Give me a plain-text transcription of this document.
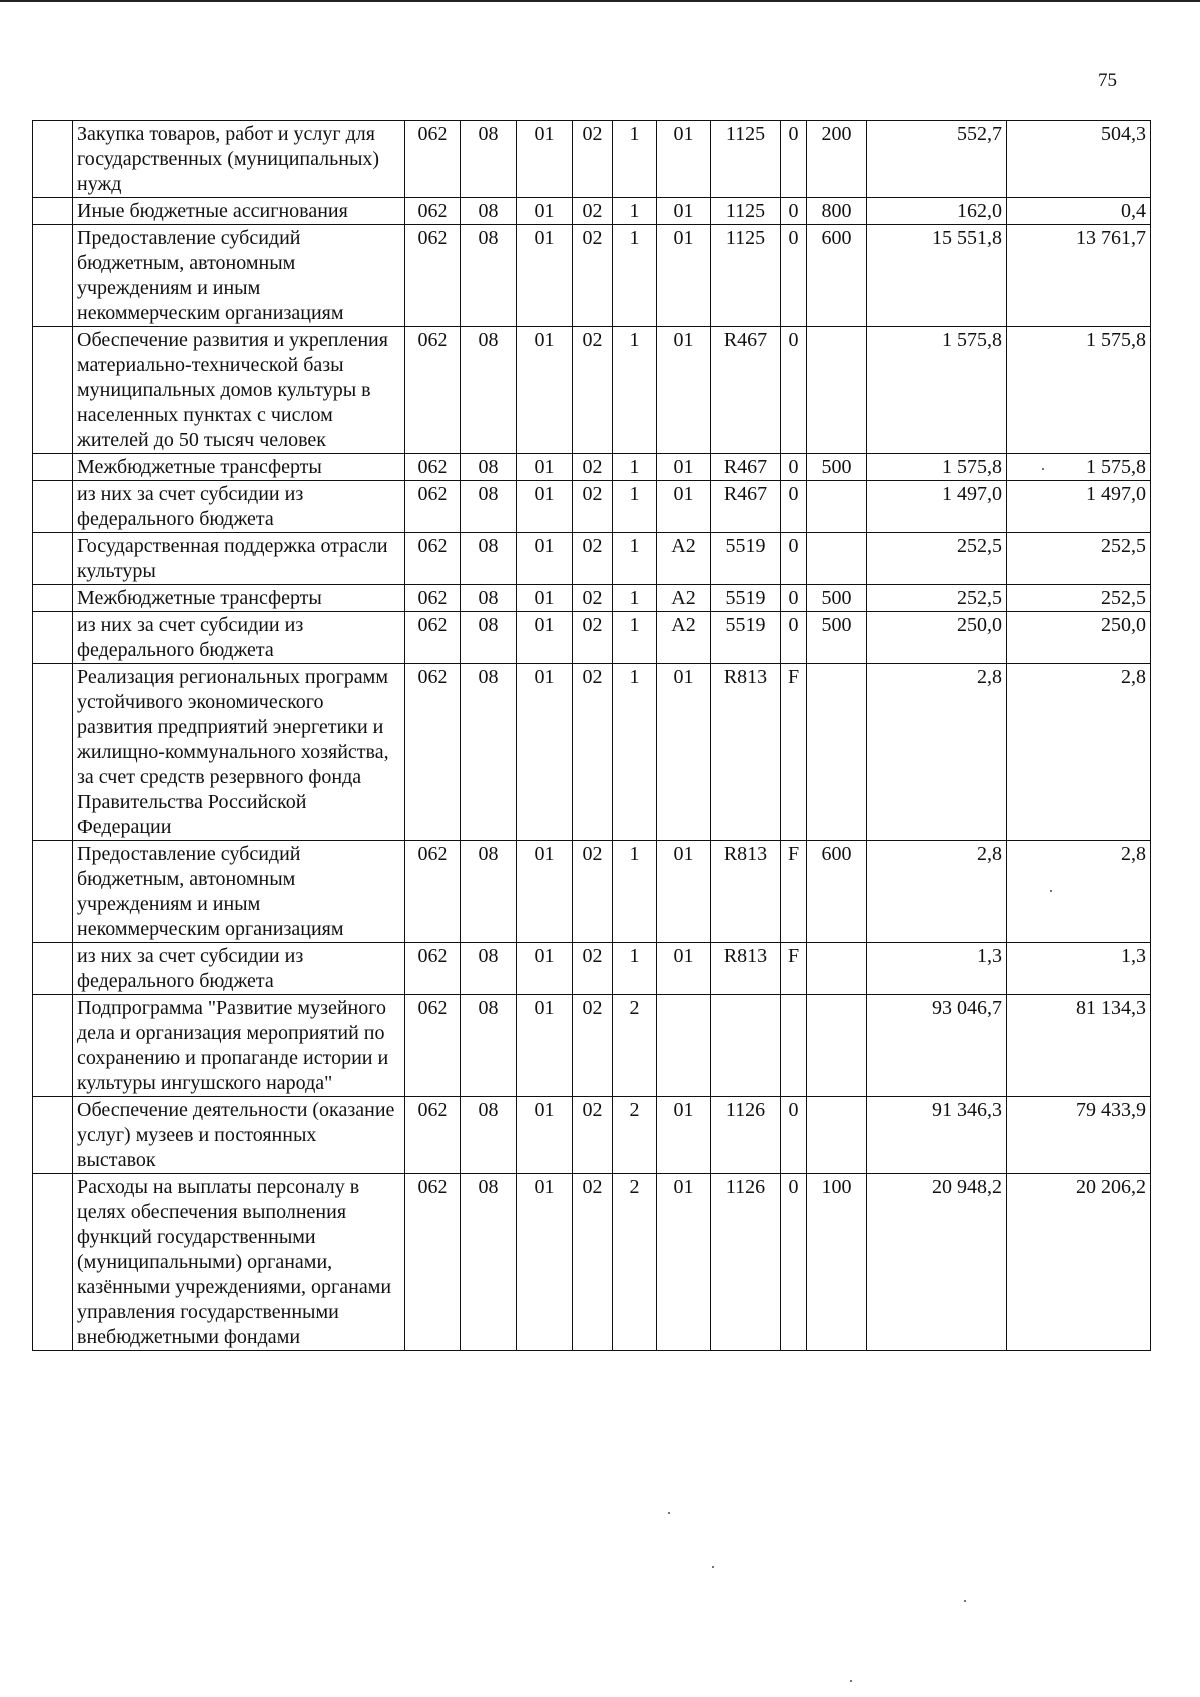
75
	Закупка товаров, работ и услуг для государственных (муниципальных) нужд	062	08	01	02	1	01	1125	0	200	552,7	504,3
	Иные бюджетные ассигнования	062	08	01	02	1	01	1125	0	800	162,0	0,4
	Предоставление субсидий бюджетным, автономным учреждениям и иным некоммерческим организациям	062	08	01	02	1	01	1125	0	600	15 551,8	13 761,7
	Обеспечение развития и укрепления материально-технической базы муниципальных домов культуры в населенных пунктах с числом жителей до 50 тысяч человек	062	08	01	02	1	01	R467	0		1 575,8	1 575,8
	Межбюджетные трансферты	062	08	01	02	1	01	R467	0	500	1 575,8	1 575,8
	из них за счет субсидии из федерального бюджета	062	08	01	02	1	01	R467	0		1 497,0	1 497,0
	Государственная поддержка отрасли культуры	062	08	01	02	1	A2	5519	0		252,5	252,5
	Межбюджетные трансферты	062	08	01	02	1	A2	5519	0	500	252,5	252,5
	из них за счет субсидии из федерального бюджета	062	08	01	02	1	A2	5519	0	500	250,0	250,0
	Реализация региональных программ устойчивого экономического развития предприятий энергетики и жилищно-коммунального хозяйства, за счет средств резервного фонда Правительства Российской Федерации	062	08	01	02	1	01	R813	F		2,8	2,8
	Предоставление субсидий бюджетным, автономным учреждениям и иным некоммерческим организациям	062	08	01	02	1	01	R813	F	600	2,8	2,8
	из них за счет субсидии из федерального бюджета	062	08	01	02	1	01	R813	F		1,3	1,3
	Подпрограмма "Развитие музейного дела и организация мероприятий по сохранению и пропаганде истории и культуры ингушского народа"	062	08	01	02	2					93 046,7	81 134,3
	Обеспечение деятельности (оказание услуг) музеев и постоянных выставок	062	08	01	02	2	01	1126	0		91 346,3	79 433,9
	Расходы на выплаты персоналу в целях обеспечения выполнения функций государственными (муниципальными) органами, казёнными учреждениями, органами управления государственными внебюджетными фондами	062	08	01	02	2	01	1126	0	100	20 948,2	20 206,2
